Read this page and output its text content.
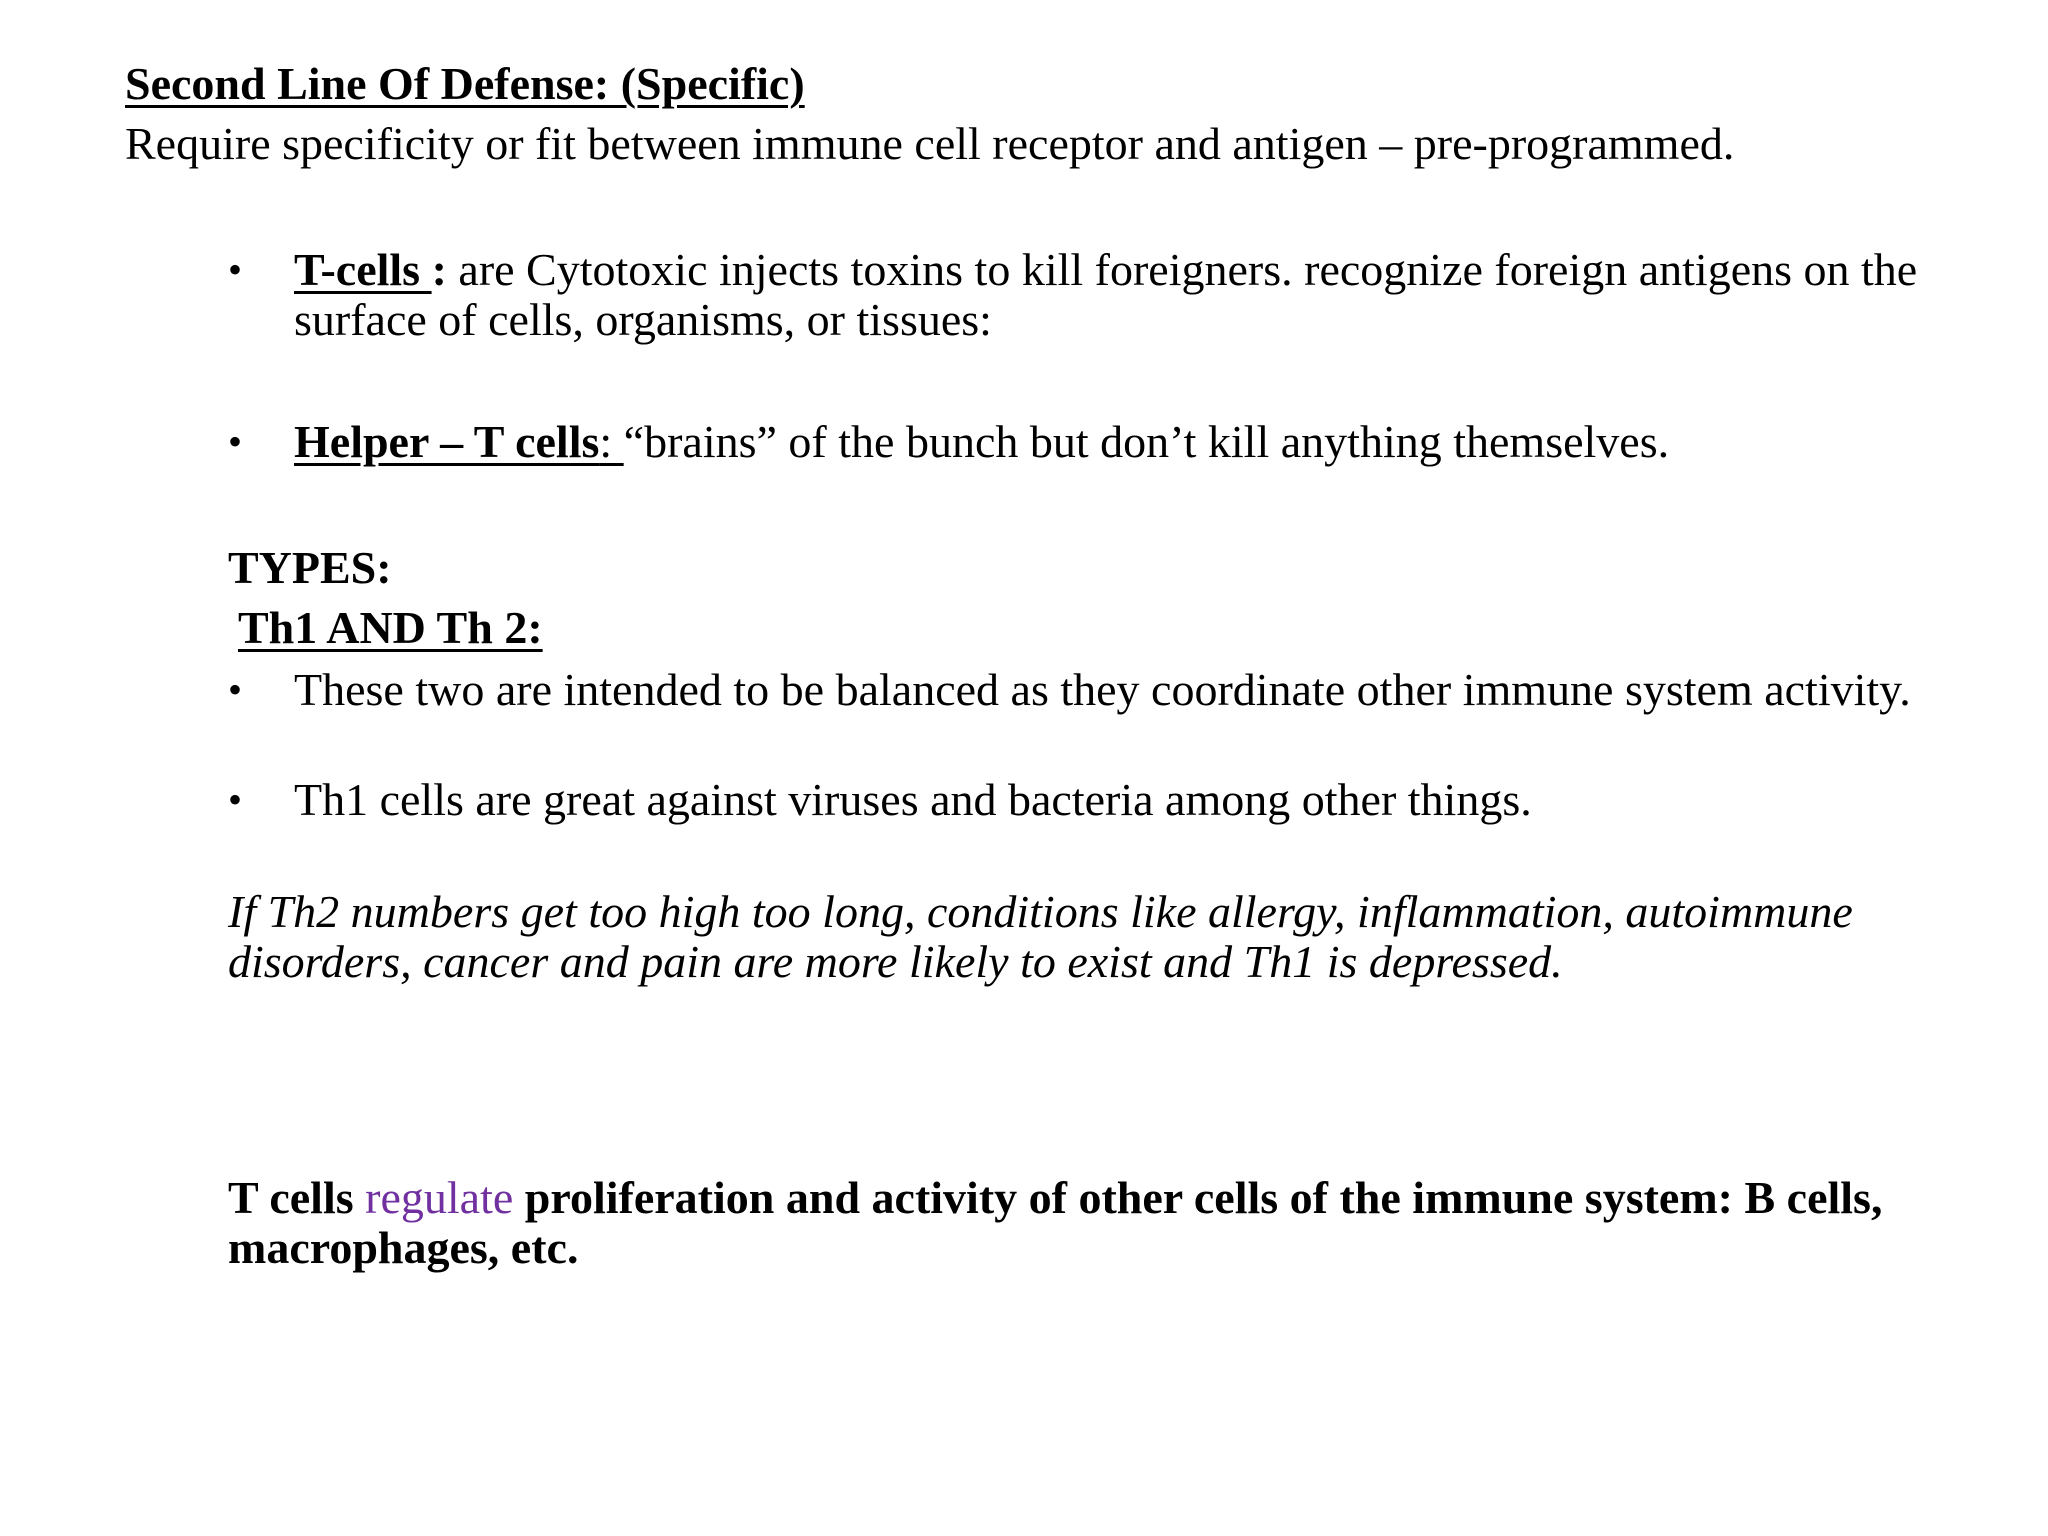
Second Line Of Defense: (Specific)
Require specificity or fit between immune cell receptor and antigen – pre-programmed.
• T-cells : are Cytotoxic injects toxins to kill foreigners. recognize foreign antigens on the surface of cells, organisms, or tissues:
• Helper – T cells: “brains” of the bunch but don’t kill anything themselves.
TYPES:
Th1 AND Th 2:
• These two are intended to be balanced as they coordinate other immune system activity.
• Th1 cells are great against viruses and bacteria among other things.
If Th2 numbers get too high too long, conditions like allergy, inflammation, autoimmune disorders, cancer and pain are more likely to exist and Th1 is depressed.
T cells regulate proliferation and activity of other cells of the immune system: B cells, macrophages, etc.
